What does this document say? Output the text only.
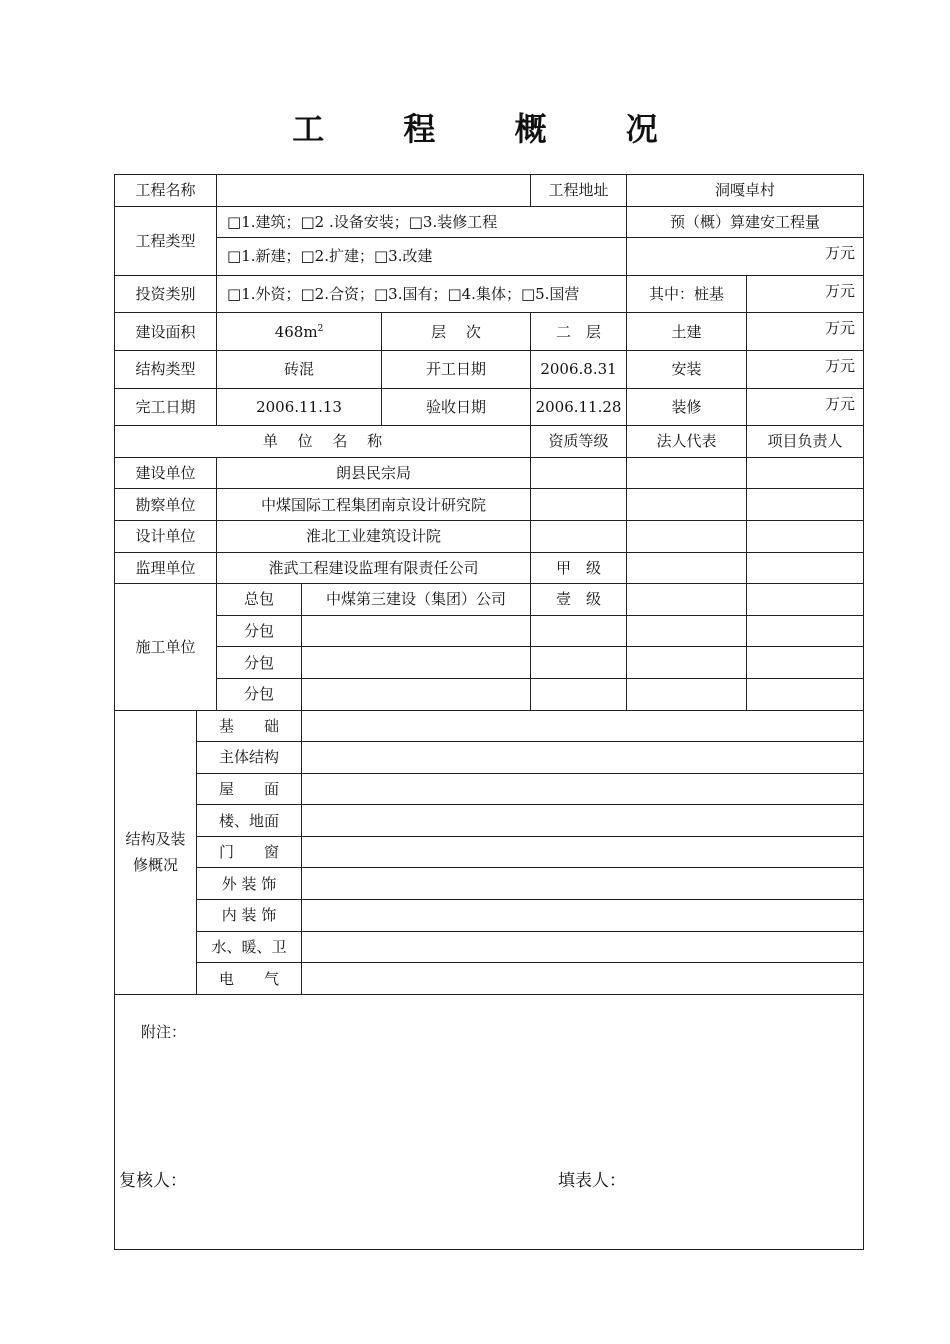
工 程 概 况
工程名称					工程地址	洞嘎卓村	
工程类型		□1.建筑；□2 .设备安装；□3.装修工程				预（概）算建安工程量	
		□1.新建；□2.扩建；□3.改建				万元	
投资类别		□1.外资；□2.合资；□3.国有；□4.集体；□5.国营				其中：桩基	万元
建设面积		$468m^2$		层　 次	二　层	土建	万元
结构类型		砖混		开工日期	2006.8.31	安装	万元
完工日期		2006.11.13		验收日期	2006.11.28	装修	万元
单　 位　 名　 称					资质等级	法人代表	项目负责人
建设单位		朗县民宗局					
勘察单位		中煤国际工程集团南京设计研究院					
设计单位		淮北工业建筑设计院					
监理单位		淮武工程建设监理有限责任公司			甲　级		
施工单位		总包	中煤第三建设（集团）公司		壹　级		
		分包					
		分包					
		分包					
结构及装修概况	基　　础						
	主体结构						
	屋　　面						
	楼、地面						
	门　　窗						
	外 装 饰						
	内 装 饰						
	水、暖、卫						
	电　　气						
附注：							
复核人：	填表人：
